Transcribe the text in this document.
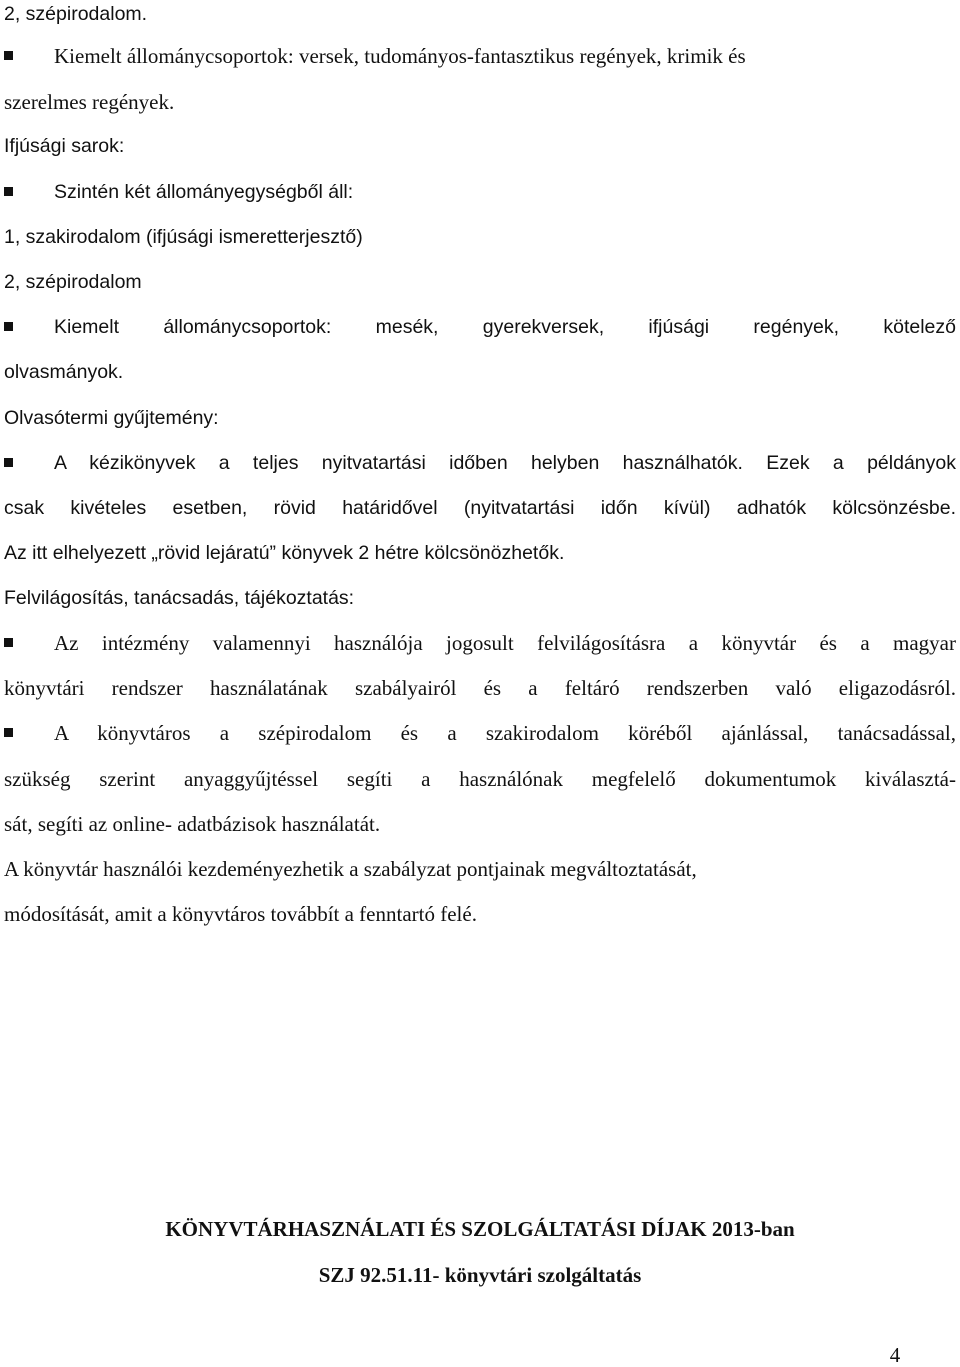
2, szépirodalom.
Kiemelt állománycsoportok: versek, tudományos-fantasztikus regények, krimik és
szerelmes regények.
Ifjúsági sarok:
Szintén két állományegységből áll:
1, szakirodalom (ifjúsági ismeretterjesztő)
2, szépirodalom
Kiemelt állománycsoportok: mesék, gyerekversek, ifjúsági regények, kötelező
olvasmányok.
Olvasótermi gyűjtemény:
A kézikönyvek a teljes nyitvatartási időben helyben használhatók. Ezek a példányok
csak kivételes esetben, rövid határidővel (nyitvatartási időn kívül) adhatók kölcsönzésbe.
Az itt elhelyezett „rövid lejáratú” könyvek 2 hétre kölcsönözhetők.
Felvilágosítás, tanácsadás, tájékoztatás:
Az intézmény valamennyi használója jogosult felvilágosításra a könyvtár és a magyar
könyvtári rendszer használatának szabályairól és a feltáró rendszerben való eligazodásról.
A könyvtáros a szépirodalom és a szakirodalom köréből ajánlással, tanácsadással,
szükség szerint anyaggyűjtéssel segíti a használónak megfelelő dokumentumok kiválasztá-
sát, segíti az online- adatbázisok használatát.
A könyvtár használói kezdeményezhetik a szabályzat pontjainak megváltoztatását,
módosítását, amit a könyvtáros továbbít a fenntartó felé.
KÖNYVTÁRHASZNÁLATI ÉS SZOLGÁLTATÁSI DÍJAK 2013-ban
SZJ 92.51.11- könyvtári szolgáltatás
4
